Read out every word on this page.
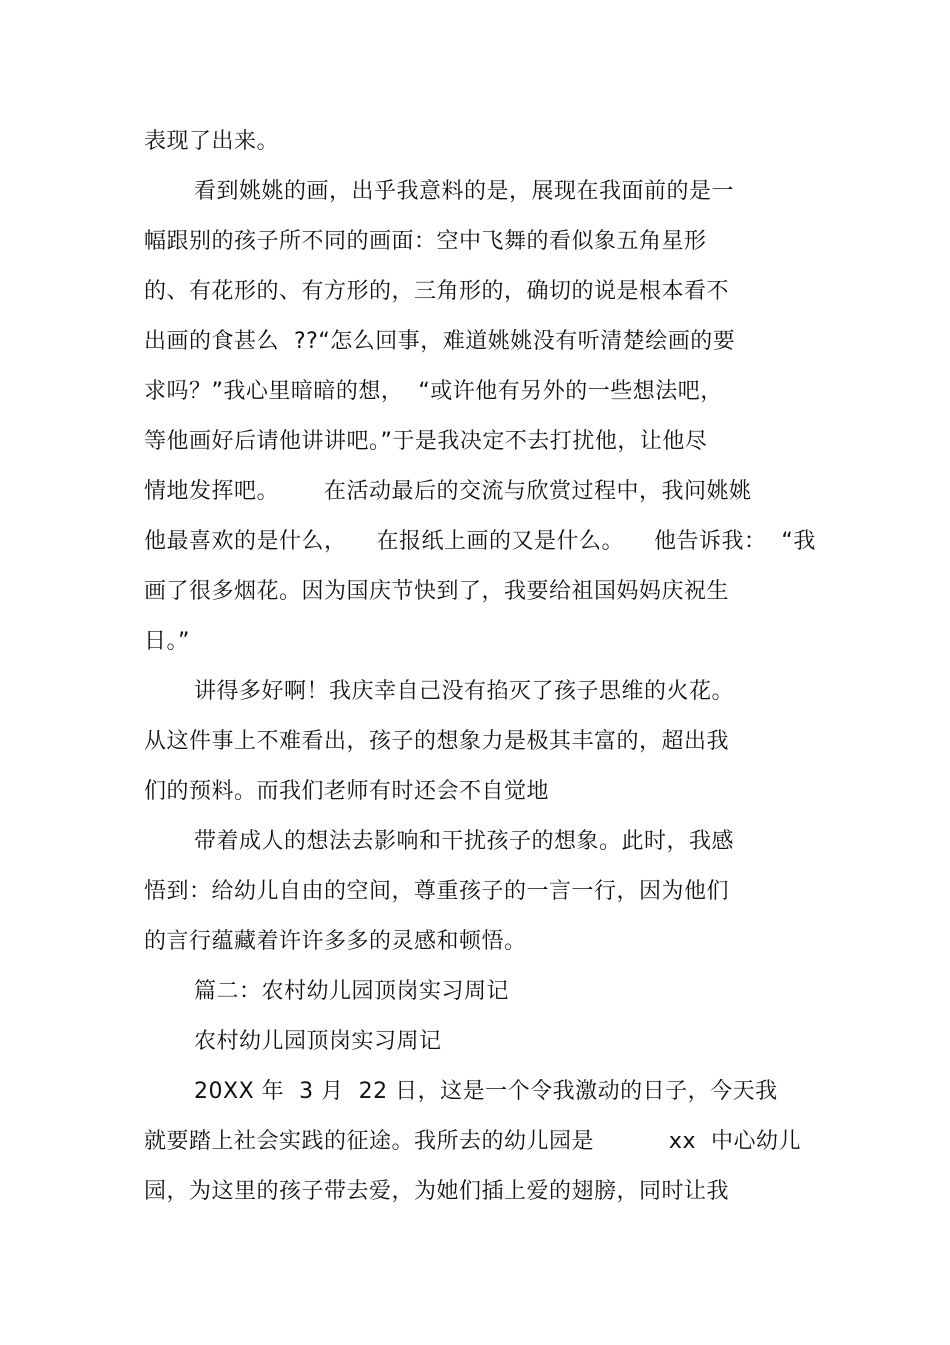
表现了出来。
看到姚姚的画，出乎我意料的是，展现在我面前的是一
幅跟别的孩子所不同的画面：空中飞舞的看似象五角星形
的、有花形的、有方形的，三角形的，确切的说是根本看不
出画的食甚么  ??“怎么回事，难道姚姚没有听清楚绘画的要
求吗？”我心里暗暗的想，  “或许他有另外的一些想法吧，
等他画好后请他讲讲吧。”于是我决定不去打扰他，让他尽
情地发挥吧。      在活动最后的交流与欣赏过程中，我问姚姚
他最喜欢的是什么，    在报纸上画的又是什么。    他告诉我：  “我
画了很多烟花。因为国庆节快到了，我要给祖国妈妈庆祝生
日。”
讲得多好啊！我庆幸自己没有掐灭了孩子思维的火花。
从这件事上不难看出，孩子的想象力是极其丰富的，超出我
们的预料。而我们老师有时还会不自觉地
带着成人的想法去影响和干扰孩子的想象。此时，我感
悟到：给幼儿自由的空间，尊重孩子的一言一行，因为他们
的言行蕴藏着许许多多的灵感和顿悟。
篇二：农村幼儿园顶岗实习周记
农村幼儿园顶岗实习周记
20XX 年  3 月  22 日，这是一个令我激动的日子，今天我
就要踏上社会实践的征途。我所去的幼儿园是          xx  中心幼儿
园，为这里的孩子带去爱，为她们插上爱的翅膀，同时让我
